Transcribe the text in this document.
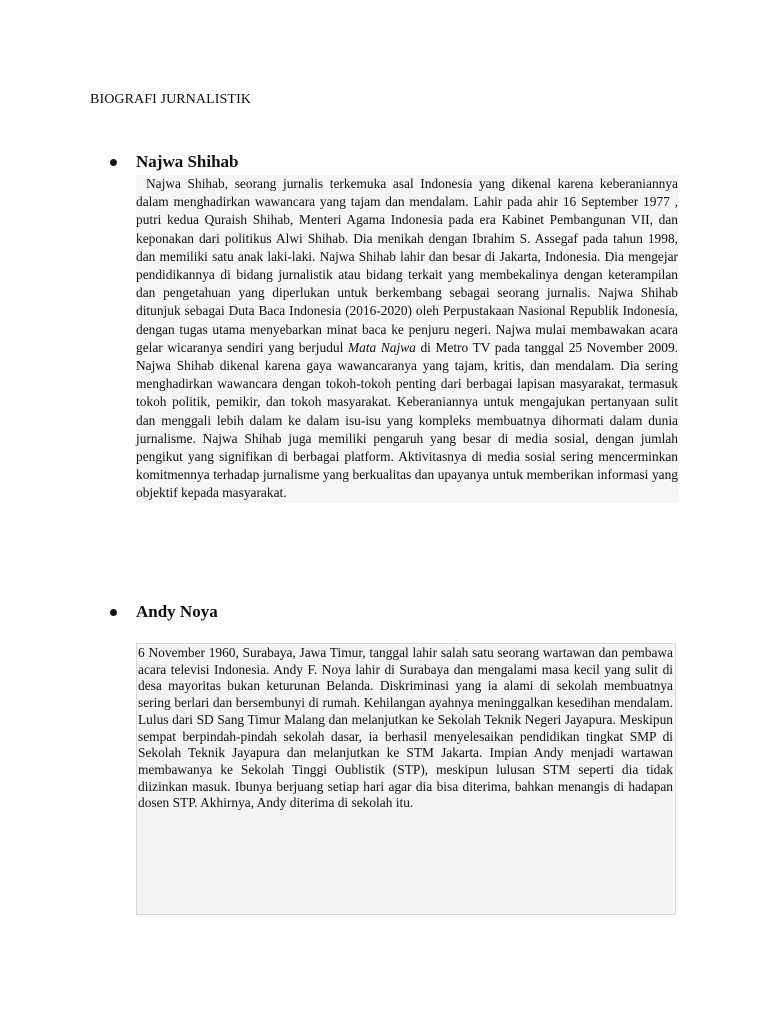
BIOGRAFI JURNALISTIK
Najwa Shihab

Najwa Shihab, seorang jurnalis terkemuka asal Indonesia yang dikenal karena keberaniannya dalam menghadirkan wawancara yang tajam dan mendalam. Lahir pada ahir 16 September 1977 , putri kedua Quraish Shihab, Menteri Agama Indonesia pada era Kabinet Pembangunan VII, dan keponakan dari politikus Alwi Shihab. Dia menikah dengan Ibrahim S. Assegaf pada tahun 1998, dan memiliki satu anak laki-laki. Najwa Shihab lahir dan besar di Jakarta, Indonesia. Dia mengejar pendidikannya di bidang jurnalistik atau bidang terkait yang membekalinya dengan keterampilan dan pengetahuan yang diperlukan untuk berkembang sebagai seorang jurnalis. Najwa Shihab ditunjuk sebagai Duta Baca Indonesia (2016-2020) oleh Perpustakaan Nasional Republik Indonesia, dengan tugas utama menyebarkan minat baca ke penjuru negeri. Najwa mulai membawakan acara gelar wicaranya sendiri yang berjudul Mata Najwa di Metro TV pada tanggal 25 November 2009. Najwa Shihab dikenal karena gaya wawancaranya yang tajam, kritis, dan mendalam. Dia sering menghadirkan wawancara dengan tokoh-tokoh penting dari berbagai lapisan masyarakat, termasuk tokoh politik, pemikir, dan tokoh masyarakat. Keberaniannya untuk mengajukan pertanyaan sulit dan menggali lebih dalam ke dalam isu-isu yang kompleks membuatnya dihormati dalam dunia jurnalisme. Najwa Shihab juga memiliki pengaruh yang besar di media sosial, dengan jumlah pengikut yang signifikan di berbagai platform. Aktivitasnya di media sosial sering mencerminkan komitmennya terhadap jurnalisme yang berkualitas dan upayanya untuk memberikan informasi yang objektif kepada masyarakat.

Andy Noya

6 November 1960, Surabaya, Jawa Timur, tanggal lahir salah satu seorang wartawan dan pembawa acara televisi Indonesia. Andy F. Noya lahir di Surabaya dan mengalami masa kecil yang sulit di desa mayoritas bukan keturunan Belanda. Diskriminasi yang ia alami di sekolah membuatnya sering berlari dan bersembunyi di rumah. Kehilangan ayahnya meninggalkan kesedihan mendalam. Lulus dari SD Sang Timur Malang dan melanjutkan ke Sekolah Teknik Negeri Jayapura. Meskipun sempat berpindah-pindah sekolah dasar, ia berhasil menyelesaikan pendidikan tingkat SMP di Sekolah Teknik Jayapura dan melanjutkan ke STM Jakarta. Impian Andy menjadi wartawan membawanya ke Sekolah Tinggi Oublistik (STP), meskipun lulusan STM seperti dia tidak diizinkan masuk. Ibunya berjuang setiap hari agar dia bisa diterima, bahkan menangis di hadapan dosen STP. Akhirnya, Andy diterima di sekolah itu.
